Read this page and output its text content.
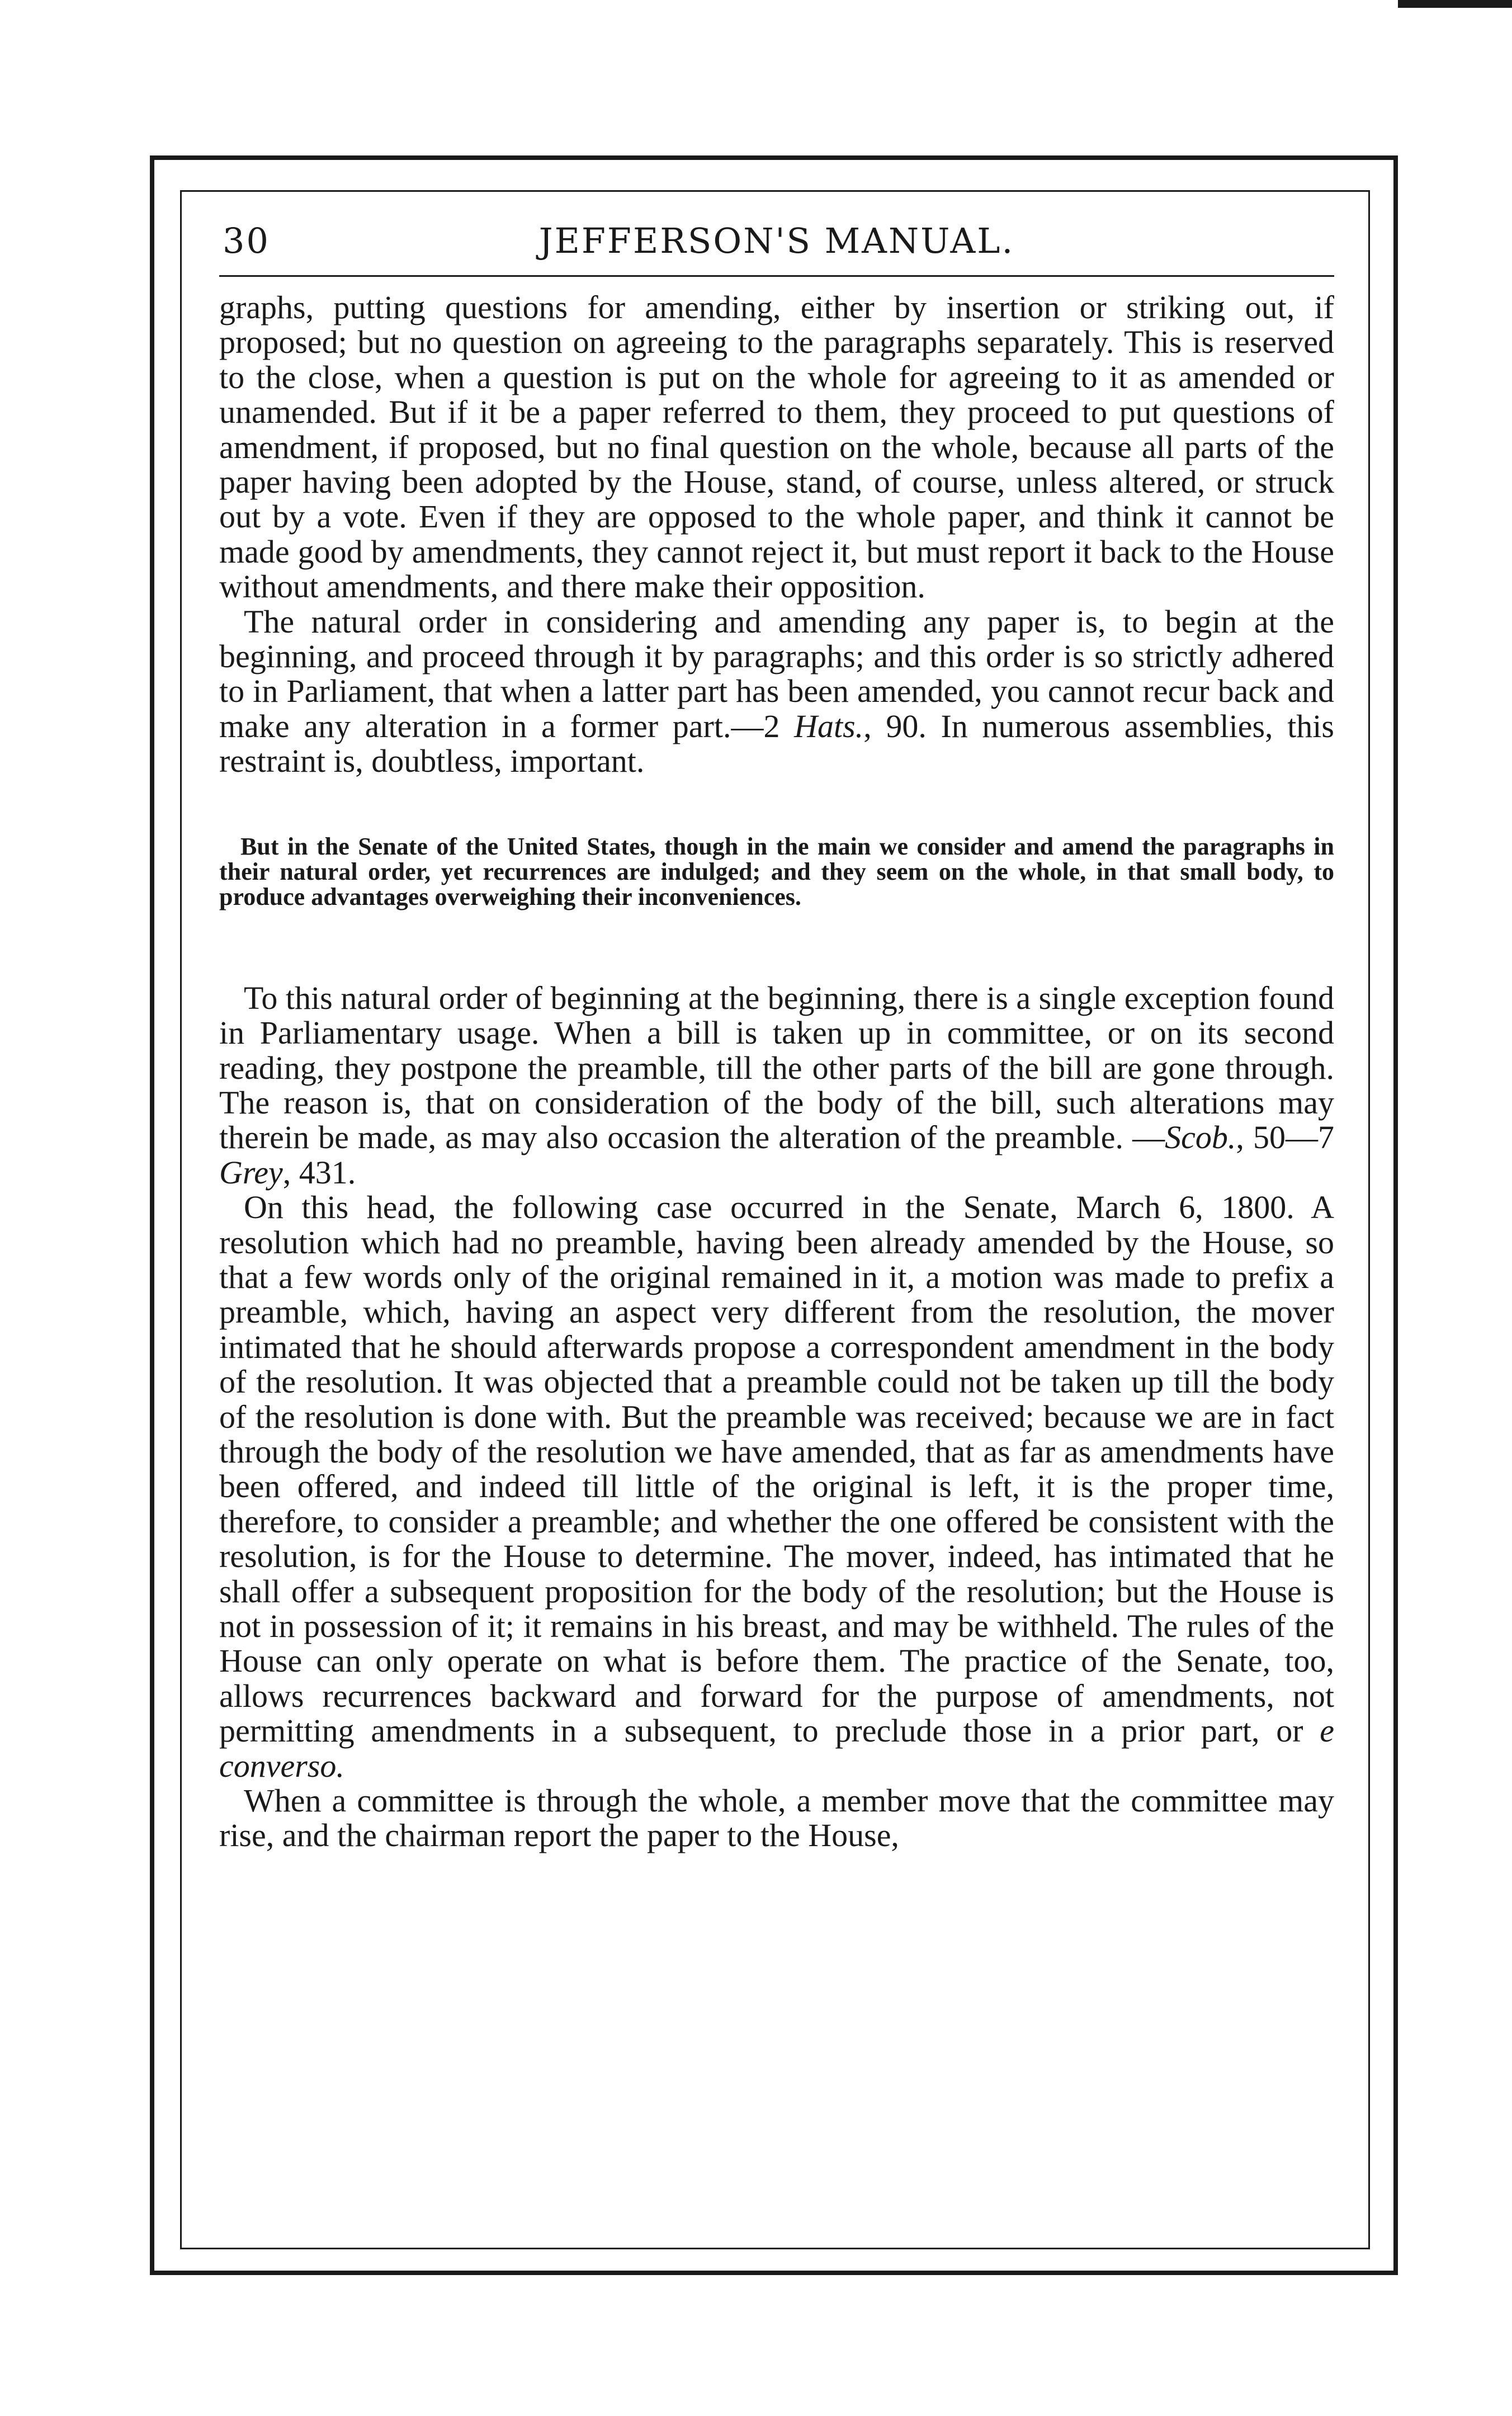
30	JEFFERSON'S MANUAL.

graphs, putting questions for amending, either by insertion or striking out, if proposed; but no question on agreeing to the paragraphs separately. This is reserved to the close, when a question is put on the whole for agreeing to it as amended or unamended. But if it be a paper referred to them, they proceed to put questions of amendment, if proposed, but no final question on the whole, because all parts of the paper having been adopted by the House, stand, of course, unless altered, or struck out by a vote. Even if they are opposed to the whole paper, and think it cannot be made good by amendments, they cannot reject it, but must report it back to the House without amendments, and there make their opposition.

The natural order in considering and amending any paper is, to begin at the beginning, and proceed through it by paragraphs; and this order is so strictly adhered to in Parliament, that when a latter part has been amended, you cannot recur back and make any alteration in a former part.—2 Hats., 90. In numerous assemblies, this restraint is, doubtless, important.

But in the Senate of the United States, though in the main we consider and amend the paragraphs in their natural order, yet recurrences are indulged; and they seem on the whole, in that small body, to produce advantages overweighing their inconveniences.

To this natural order of beginning at the beginning, there is a single exception found in Parliamentary usage. When a bill is taken up in committee, or on its second reading, they postpone the preamble, till the other parts of the bill are gone through. The reason is, that on consideration of the body of the bill, such alterations may therein be made, as may also occasion the alteration of the preamble. —Scob., 50—7 Grey, 431.

On this head, the following case occurred in the Senate, March 6, 1800. A resolution which had no preamble, having been already amended by the House, so that a few words only of the original remained in it, a motion was made to prefix a preamble, which, having an aspect very different from the resolution, the mover intimated that he should afterwards propose a correspondent amendment in the body of the resolution. It was objected that a preamble could not be taken up till the body of the resolution is done with. But the preamble was received; because we are in fact through the body of the resolution we have amended, that as far as amendments have been offered, and indeed till little of the original is left, it is the proper time, therefore, to consider a preamble; and whether the one offered be consistent with the resolution, is for the House to determine. The mover, indeed, has intimated that he shall offer a subsequent proposition for the body of the resolution; but the House is not in possession of it; it remains in his breast, and may be withheld. The rules of the House can only operate on what is before them. The practice of the Senate, too, allows recurrences backward and forward for the purpose of amendments, not permitting amendments in a subsequent, to preclude those in a prior part, or e converso.

When a committee is through the whole, a member move that the committee may rise, and the chairman report the paper to the House,
